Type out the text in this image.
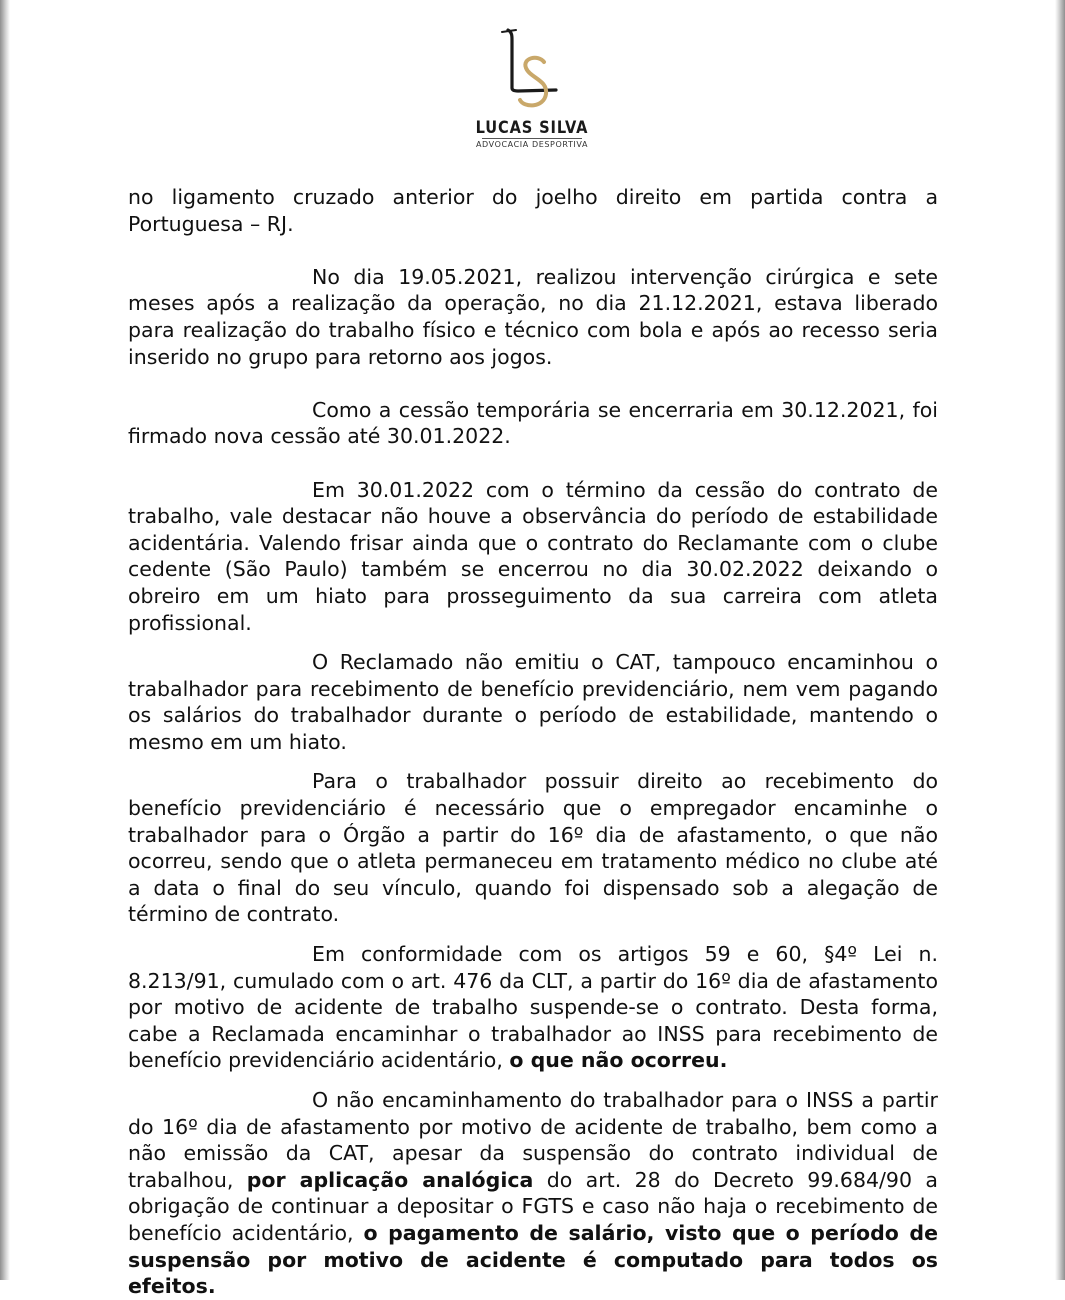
LUCAS SILVA
ADVOCACIA DESPORTIVA

no ligamento cruzado anterior do joelho direito em partida contra a Portuguesa – RJ.

No dia 19.05.2021, realizou intervenção cirúrgica e sete meses após a realização da operação, no dia 21.12.2021, estava liberado para realização do trabalho físico e técnico com bola e após ao recesso seria inserido no grupo para retorno aos jogos.

Como a cessão temporária se encerraria em 30.12.2021, foi firmado nova cessão até 30.01.2022.

Em 30.01.2022 com o término da cessão do contrato de trabalho, vale destacar não houve a observância do período de estabilidade acidentária. Valendo frisar ainda que o contrato do Reclamante com o clube cedente (São Paulo) também se encerrou no dia 30.02.2022 deixando o obreiro em um hiato para prosseguimento da sua carreira com atleta profissional.

O Reclamado não emitiu o CAT, tampouco encaminhou o trabalhador para recebimento de benefício previdenciário, nem vem pagando os salários do trabalhador durante o período de estabilidade, mantendo o mesmo em um hiato.

Para o trabalhador possuir direito ao recebimento do benefício previdenciário é necessário que o empregador encaminhe o trabalhador para o Órgão a partir do 16º dia de afastamento, o que não ocorreu, sendo que o atleta permaneceu em tratamento médico no clube até a data o final do seu vínculo, quando foi dispensado sob a alegação de término de contrato.

Em conformidade com os artigos 59 e 60, §4º Lei n. 8.213/91, cumulado com o art. 476 da CLT, a partir do 16º dia de afastamento por motivo de acidente de trabalho suspende-se o contrato. Desta forma, cabe a Reclamada encaminhar o trabalhador ao INSS para recebimento de benefício previdenciário acidentário, o que não ocorreu.

O não encaminhamento do trabalhador para o INSS a partir do 16º dia de afastamento por motivo de acidente de trabalho, bem como a não emissão da CAT, apesar da suspensão do contrato individual de trabalhou, por aplicação analógica do art. 28 do Decreto 99.684/90 a obrigação de continuar a depositar o FGTS e caso não haja o recebimento de benefício acidentário, o pagamento de salário, visto que o período de suspensão por motivo de acidente é computado para todos os efeitos.
